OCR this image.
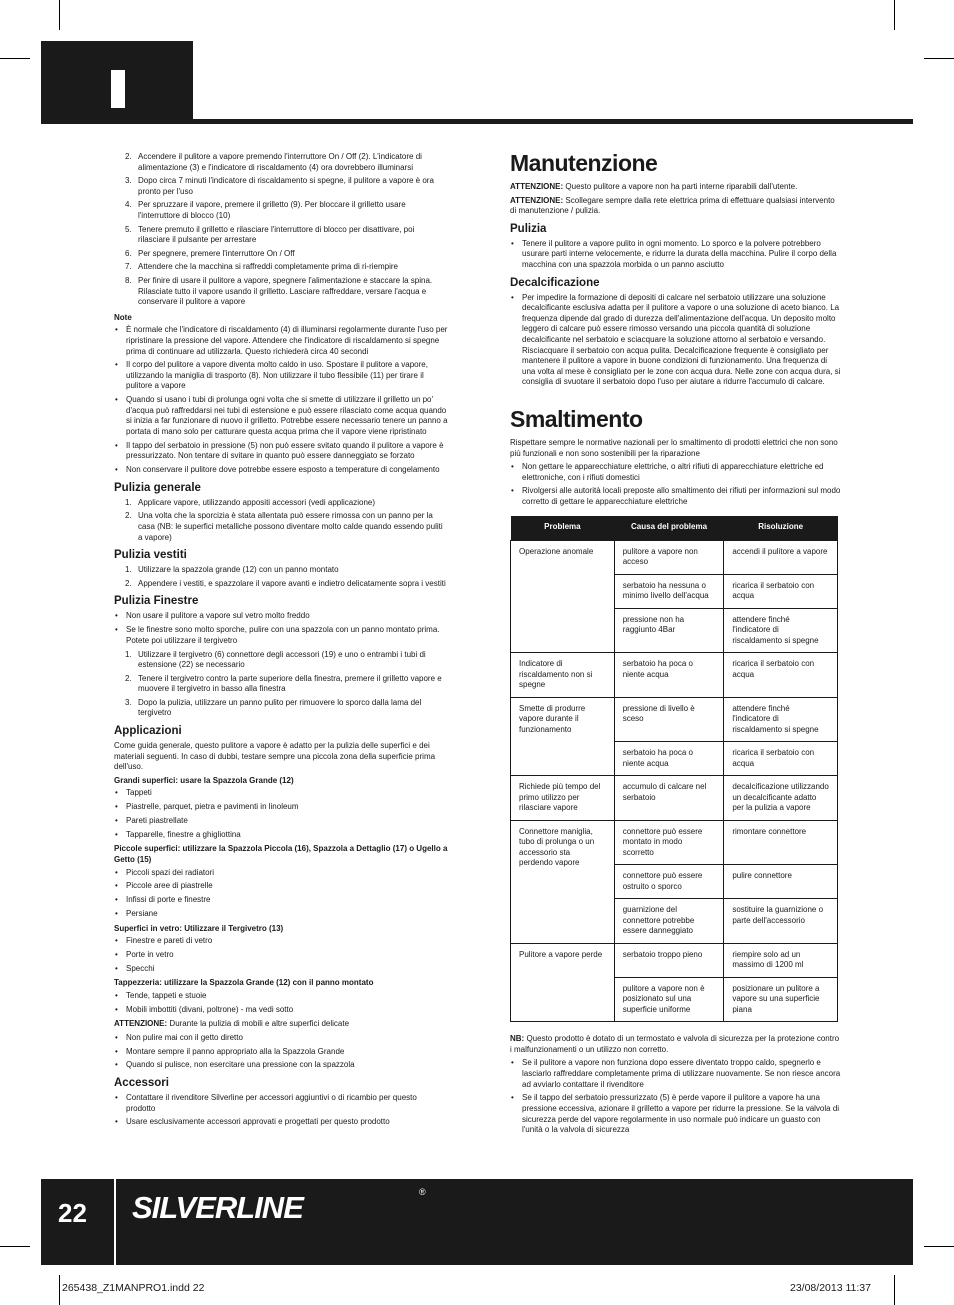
2. Accendere il pulitore a vapore premendo l'interruttore On / Off (2). L'indicatore di alimentazione (3) e l'indicatore di riscaldamento (4) ora dovrebbero illuminarsi
3. Dopo circa 7 minuti l'indicatore di riscaldamento si spegne, il pulitore a vapore è ora pronto per l'uso
4. Per spruzzare il vapore, premere il grilletto (9). Per bloccare il grilletto usare l'interruttore di blocco (10)
5. Tenere premuto il grilletto e rilasciare l'interruttore di blocco per disattivare, poi rilasciare il pulsante per arrestare
6. Per spegnere, premere l'interruttore On / Off
7. Attendere che la macchina si raffreddi completamente prima di ri-riempire
8. Per finire di usare il pulitore a vapore, spegnere l'alimentazione e staccare la spina. Rilasciate tutto il vapore usando il grilletto. Lasciare raffreddare, versare l'acqua e conservare il pulitore a vapore
Note
• È normale che l'indicatore di riscaldamento (4) di illuminarsi regolarmente durante l'uso per ripristinare la pressione del vapore. Attendere che l'indicatore di riscaldamento si spegne prima di continuare ad utilizzarla. Questo richiederà circa 40 secondi
• Il corpo del pulitore a vapore diventa molto caldo in uso. Spostare il pulitore a vapore, utilizzando la maniglia di trasporto (8). Non utilizzare il tubo flessibile (11) per tirare il pulitore a vapore
• Quando si usano i tubi di prolunga ogni volta che si smette di utilizzare il grilletto un po' d'acqua può raffreddarsi nei tubi di estensione e può essere rilasciato come acqua quando si inizia a far funzionare di nuovo il grilletto. Potrebbe essere necessario tenere un panno a portata di mano solo per catturare questa acqua prima che il vapore viene ripristinato
• Il tappo del serbatoio in pressione (5) non può essere svitato quando il pulitore a vapore è pressurizzato. Non tentare di svitare in quanto può essere danneggiato se forzato
• Non conservare il pulitore dove potrebbe essere esposto a temperature di congelamento
Pulizia generale
1. Applicare vapore, utilizzando appositi accessori (vedi applicazione)
2. Una volta che la sporcizia è stata allentata può essere rimossa con un panno per la casa (NB: le superfici metalliche possono diventare molto calde quando essendo puliti a vapore)
Pulizia vestiti
1. Utilizzare la spazzola grande (12) con un panno montato
2. Appendere i vestiti, e spazzolare il vapore avanti e indietro delicatamente sopra i vestiti
Pulizia Finestre
• Non usare il pulitore a vapore sul vetro molto freddo
• Se le finestre sono molto sporche, pulire con una spazzola con un panno montato prima. Potete poi utilizzare il tergivetro
1. Utilizzare il tergivetro (6) connettore degli accessori (19) e uno o entrambi i tubi di estensione (22) se necessario
2. Tenere il tergivetro contro la parte superiore della finestra, premere il grilletto vapore e muovere il tergivetro in basso alla finestra
3. Dopo la pulizia, utilizzare un panno pulito per rimuovere lo sporco dalla lama del tergivetro
Applicazioni

Come guida generale, questo pulitore a vapore è adatto per la pulizia delle superfici e dei materiali seguenti. In caso di dubbi, testare sempre una piccola zona della superficie prima dell'uso.

Grandi superfici: usare la Spazzola Grande (12)
• Tappeti
• Piastrelle, parquet, pietra e pavimenti in linoleum
• Pareti piastrellate
• Tapparelle, finestre a ghigliottina
Piccole superfici: utilizzare la Spazzola Piccola (16), Spazzola a Dettaglio (17) o Ugello a Getto (15)
• Piccoli spazi dei radiatori
• Piccole aree di piastrelle
• Infissi di porte e finestre
• Persiane
Superfici in vetro: Utilizzare il Tergivetro (13)
• Finestre e pareti di vetro
• Porte in vetro
• Specchi
Tappezzeria: utilizzare la Spazzola Grande (12) con il panno montato
• Tende, tappeti e stuoie
• Mobili imbottiti (divani, poltrone) - ma vedi sotto

ATTENZIONE: Durante la pulizia di mobili e altre superfici delicate

• Non pulire mai con il getto diretto
• Montare sempre il panno appropriato alla la Spazzola Grande
• Quando si pulisce, non esercitare una pressione con la spazzola
Accessori
• Contattare il rivenditore Silverline per accessori aggiuntivi o di ricambio per questo prodotto
• Usare esclusivamente accessori approvati e progettati per questo prodotto
Manutenzione

ATTENZIONE: Questo pulitore a vapore non ha parti interne riparabili dall'utente.

ATTENZIONE: Scollegare sempre dalla rete elettrica prima di effettuare qualsiasi intervento di manutenzione / pulizia.

Pulizia
• Tenere il pulitore a vapore pulito in ogni momento. Lo sporco e la polvere potrebbero usurare parti interne velocemente, e ridurre la durata della macchina. Pulire il corpo della macchina con una spazzola morbida o un panno asciutto
Decalcificazione
• Per impedire la formazione di depositi di calcare nel serbatoio utilizzare una soluzione decalcificante esclusiva adatta per il pulitore a vapore o una soluzione di aceto bianco. La frequenza dipende dal grado di durezza dell'alimentazione dell'acqua. Un deposito molto leggero di calcare può essere rimosso versando una piccola quantità di soluzione decalcificante nel serbatoio e sciacquare la soluzione attorno al serbatoio e versando. Risciacquare il serbatoio con acqua pulita. Decalcificazione frequente è consigliato per mantenere il pulitore a vapore in buone condizioni di funzionamento. Una frequenza di una volta al mese è consigliato per le zone con acqua dura. Nelle zone con acqua dura, si consiglia di svuotare il serbatoio dopo l'uso per aiutare a ridurre l'accumulo di calcare.
Smaltimento

Rispettare sempre le normative nazionali per lo smaltimento di prodotti elettrici che non sono più funzionali e non sono sostenibili per la riparazione

• Non gettare le apparecchiature elettriche, o altri rifiuti di apparecchiature elettriche ed elettroniche, con i rifiuti domestici
• Rivolgersi alle autorità locali preposte allo smaltimento dei rifiuti per informazioni sul modo corretto di gettare le apparecchiature elettriche
Problema	Causa del problema	Risoluzione
Operazione anomale	pulitore a vapore non acceso	accendi il pulitore a vapore
	serbatoio ha nessuna o minimo livello dell'acqua	ricarica il serbatoio con acqua
	pressione non ha raggiunto 4Bar	attendere finché l'indicatore di riscaldamento si spegne
Indicatore di riscaldamento non si spegne	serbatoio ha poca o niente acqua	ricarica il serbatoio con acqua
Smette di produrre vapore durante il funzionamento	pressione di livello è sceso	attendere finché l'indicatore di riscaldamento si spegne
	serbatoio ha poca o niente acqua	ricarica il serbatoio con acqua
Richiede più tempo del primo utilizzo per rilasciare vapore	accumulo di calcare nel serbatoio	decalcificazione utilizzando un decalcificante adatto per la pulizia a vapore
Connettore maniglia, tubo di prolunga o un accessorio sta perdendo vapore	connettore può essere montato in modo scorretto	rimontare connettore
	connettore può essere ostruito o sporco	pulire connettore
	guarnizione del connettore potrebbe essere danneggiato	sostituire la guarnizione o parte dell'accessorio
Pulitore a vapore perde	serbatoio troppo pieno	riempire solo ad un massimo di 1200 ml
	pulitore a vapore non è posizionato sul una superficie uniforme	posizionare un pulitore a vapore su una superficie piana

NB: Questo prodotto è dotato di un termostato e valvola di sicurezza per la protezione contro i malfunzionamenti o un utilizzo non corretto.

• Se il pulitore a vapore non funziona dopo essere diventato troppo caldo, spegnerlo e lasciarlo raffreddare completamente prima di utilizzare nuovamente. Se non riesce ancora ad avviarlo contattare il rivenditore
• Se il tappo del serbatoio pressurizzato (5) è perde vapore il pulitore a vapore ha una pressione eccessiva, azionare il grilletto a vapore per ridurre la pressione. Se la valvola di sicurezza perde del vapore regolarmente in uso normale può indicare un guasto con l'unità o la valvola di sicurezza
22 SILVERLINE	®
265438_Z1MANPRO1.indd 22	23/08/2013 11:37
